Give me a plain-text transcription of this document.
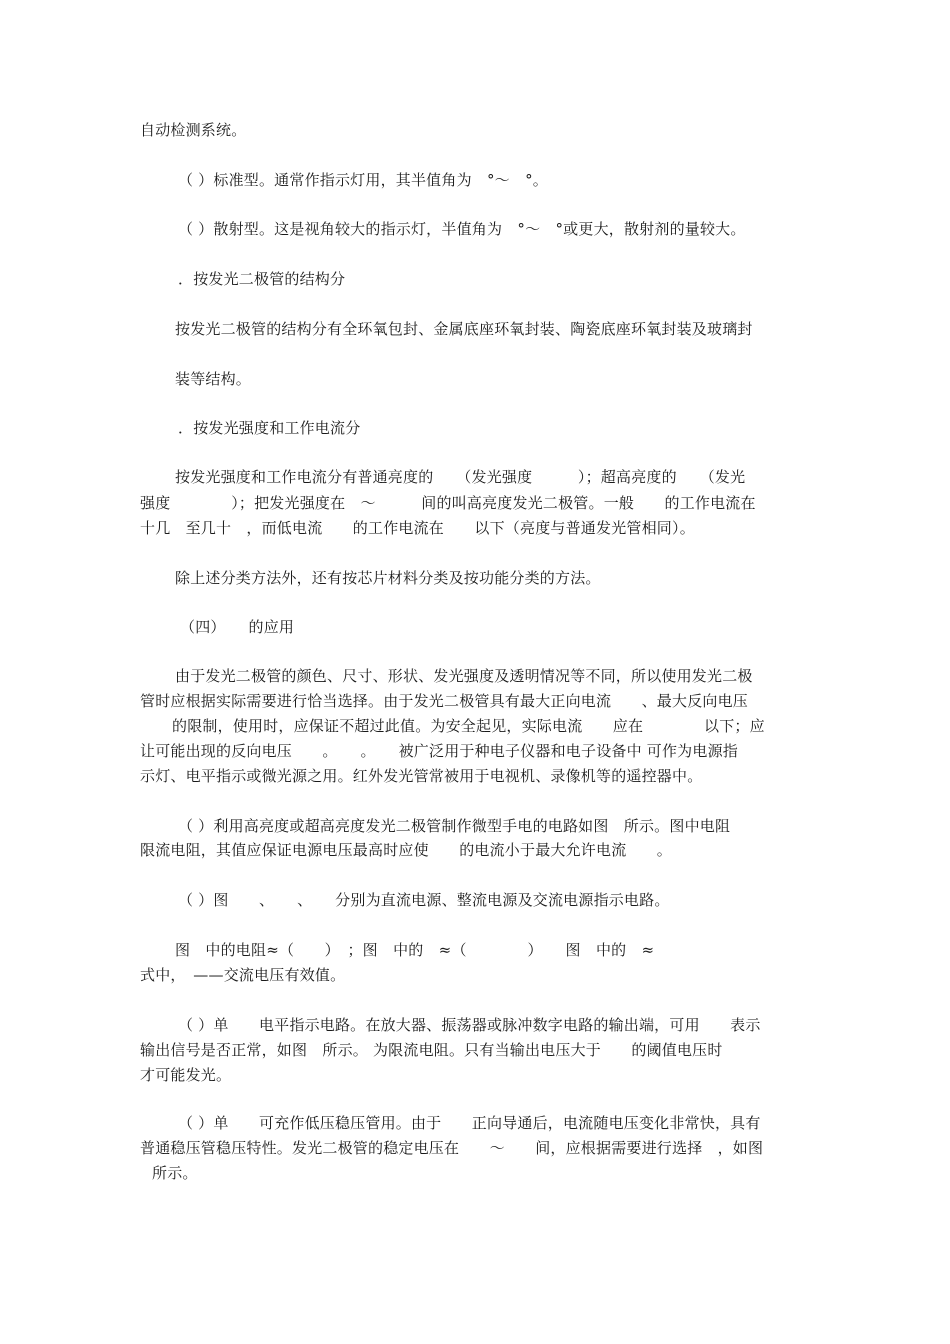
自动检测系统。
（ ）标准型。通常作指示灯用，其半值角为　°～　°。
（ ）散射型。这是视角较大的指示灯，半值角为　°～　°或更大，散射剂的量较大。
．按发光二极管的结构分
按发光二极管的结构分有全环氧包封、金属底座环氧封装、陶瓷底座环氧封装及玻璃封
装等结构。
．按发光强度和工作电流分
按发光强度和工作电流分有普通亮度的　　（发光强度　　　）；超高亮度的　　（发光
强度　　　　）；把发光强度在　～　　　间的叫高亮度发光二极管。一般　　的工作电流在
十几　至几十　，而低电流　　的工作电流在　　以下（亮度与普通发光管相同）。
除上述分类方法外，还有按芯片材料分类及按功能分类的方法。
（四）　　的应用
由于发光二极管的颜色、尺寸、形状、发光强度及透明情况等不同，所以使用发光二极
管时应根据实际需要进行恰当选择。由于发光二极管具有最大正向电流　　、最大反向电压
的限制，使用时，应保证不超过此值。为安全起见，实际电流　　应在　　　　以下；应
让可能出现的反向电压　　。　　。　　被广泛用于种电子仪器和电子设备中 可作为电源指
示灯、电平指示或微光源之用。红外发光管常被用于电视机、录像机等的遥控器中。
（ ）利用高亮度或超高亮度发光二极管制作微型手电的电路如图　所示。图中电阻
限流电阻，其值应保证电源电压最高时应使　　的电流小于最大允许电流　　。
（ ）图　　、　　、　　分别为直流电源、整流电源及交流电源指示电路。
图　中的电阻≈（　　）　；图　中的　≈（　　　　）　　图　中的　≈
式中，　——交流电压有效值。
（ ）单　　电平指示电路。在放大器、振荡器或脉冲数字电路的输出端，可用　　表示
输出信号是否正常，如图　所示。 为限流电阻。只有当输出电压大于　　的阈值电压时
才可能发光。
（ ）单　　可充作低压稳压管用。由于　　正向导通后，电流随电压变化非常快，具有
普通稳压管稳压特性。发光二极管的稳定电压在　　～　　间，应根据需要进行选择　，如图
所示。
